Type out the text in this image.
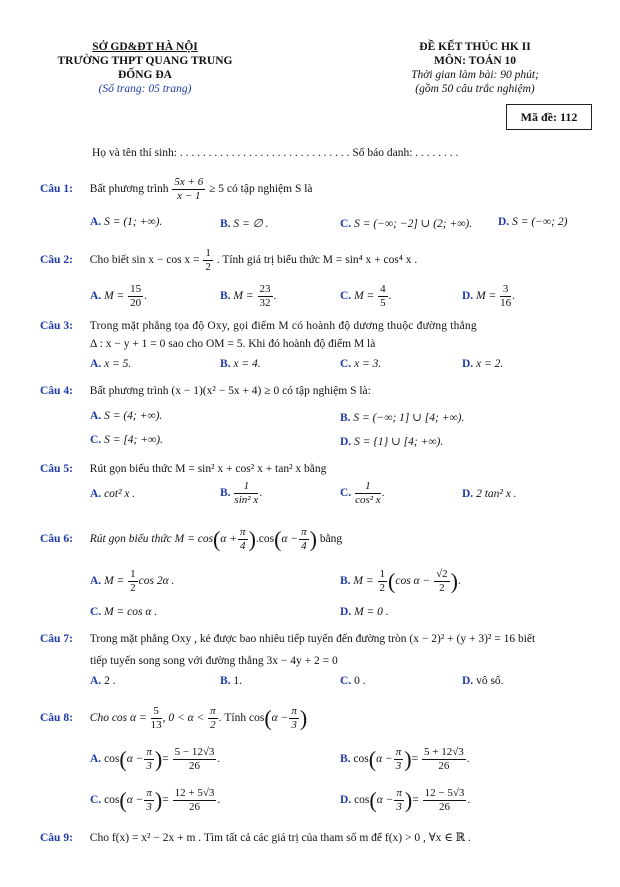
SỞ GD&ĐT HÀ NỘI
TRƯỜNG THPT QUANG TRUNG
ĐỐNG ĐA
(Số trang: 05 trang)
ĐỀ KẾT THÚC HK II
MÔN: TOÁN 10
Thời gian làm bài: 90 phút;
(gồm 50 câu trắc nghiệm)
Mã đề: 112
Họ và tên thí sinh: . . . . . . . . . . . . . . . . . . . . . . . . . . . . . . Số báo danh: . . . . . . . .
Câu 1: Bất phương trình $\frac{5x + 6}{x - 1} \ge 5$ có tập nghiệm S là
A. S = (1; +∞).	B. S = ∅ .	C. S = (−∞; −2] ∪ (2; +∞). D. S = (−∞; 2)
Câu 2: Cho biết $\sin x - \cos x = \frac{1}{2}$ . Tính giá trị biểu thức M = sin⁴ x + cos⁴ x .
A. $M = \frac{15}{20}$ .	B. $M = \frac{23}{32}$ .	C. $M = \frac{4}{5}$ .	D. $M = \frac{3}{16}$ .
Câu 3: Trong mặt phẳng tọa độ Oxy, gọi điểm M có hoành độ dương thuộc đường thẳng
Δ : x − y + 1 = 0 sao cho OM = 5. Khi đó hoành độ điểm M là
A. x = 5.	B. x = 4.	C. x = 3.	D. x = 2.
Câu 4: Bất phương trình (x − 1)(x² − 5x + 4) ≥ 0 có tập nghiệm S là:
A. S = (4; +∞).	B. S = (−∞; 1] ∪ [4; +∞).
C. S = [4; +∞).	D. S = {1} ∪ [4; +∞).
Câu 5: Rút gọn biểu thức M = sin² x + cos² x + tan² x bằng
A. cot² x .	B. $\frac{1}{\text{sin² x}}$ .	C. $\frac{1}{\text{cos² x}}$ .	D. 2 tan² x .
Câu 6: Rút gọn biểu thức $M = \cos(\alpha + \frac{\pi}{4} ).\cos(\alpha - \frac{\pi}{4}$ ) bằng
A. $M = \frac{1}{2}$ cos 2α .	B. $M = \frac{1}{2} (\cos$ $\alpha - \frac{√2}{2}$ ).
C. M = cos α .	D. M = 0 .
Câu 7: Trong mặt phẳng Oxy , kẻ được bao nhiêu tiếp tuyến đến đường tròn (x − 2)² + (y + 3)² = 16 biết
tiếp tuyến song song với đường thẳng 3x − 4y + 2 = 0
A. 2 .	B. 1.	C. 0 .	D. vô số.
Câu 8: Cho $\cos \alpha = \frac{5}{13}$ , $0 < \alpha < \frac{\pi}{2}$ . Tính $\cos(\alpha - \frac{\pi}{3}$ )
A. $\cos(\alpha - \frac{\pi}{3}$ )= $\frac{5 - 12√3}{26}$ .	B. $\cos(\alpha - \frac{\pi}{3}$ )= $\frac{5 + 12√3}{26}$ .
C. $\cos(\alpha - \frac{\pi}{3}$ )= $\frac{12 + 5√3}{26}$ .	D. $\cos(\alpha - \frac{\pi}{3}$ )= $\frac{12 - 5√3}{26}$ .
Câu 9: Cho f(x) = x² − 2x + m . Tìm tất cả các giá trị của tham số m để f(x) > 0 , ∀x ∈ ℝ .
